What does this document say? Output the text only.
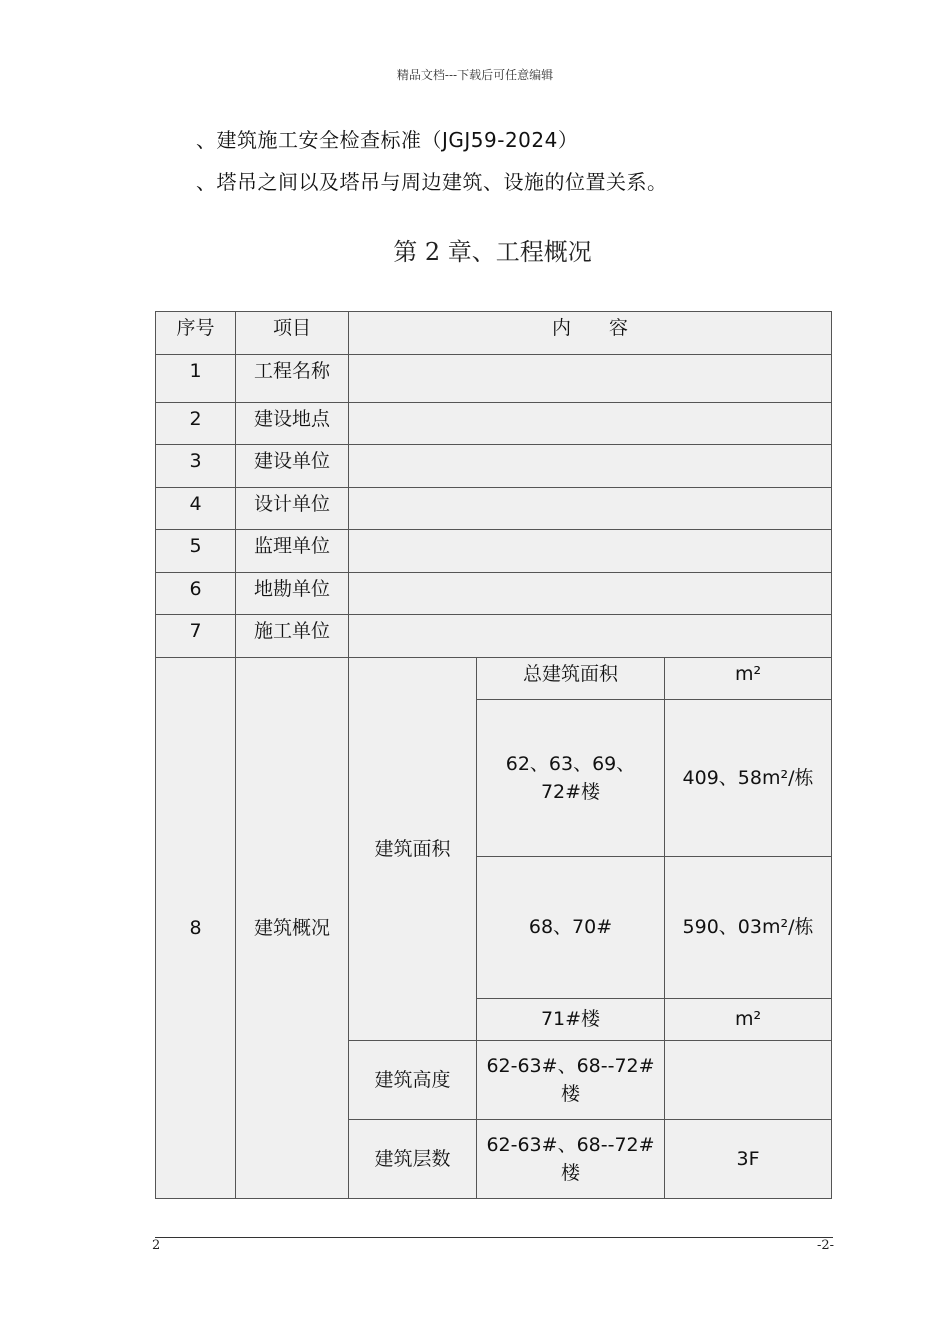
精品文档---下载后可任意编辑
、建筑施工安全检查标准（JGJ59-2024）
、塔吊之间以及塔吊与周边建筑、设施的位置关系。
第 2 章、工程概况
序号	项目	内　　容		
1	工程名称			
2	建设地点			
3	建设单位			
4	设计单位			
5	监理单位			
6	地勘单位			
7	施工单位			
8	建筑概况	建筑面积	总建筑面积	m²
			62、63、69、72#楼	409、58m²/栋
			68、70#	590、03m²/栋
			71#楼	m²
		建筑高度	62-63#、68--72#楼	
		建筑层数	62-63#、68--72#楼	3F
2	-2-
